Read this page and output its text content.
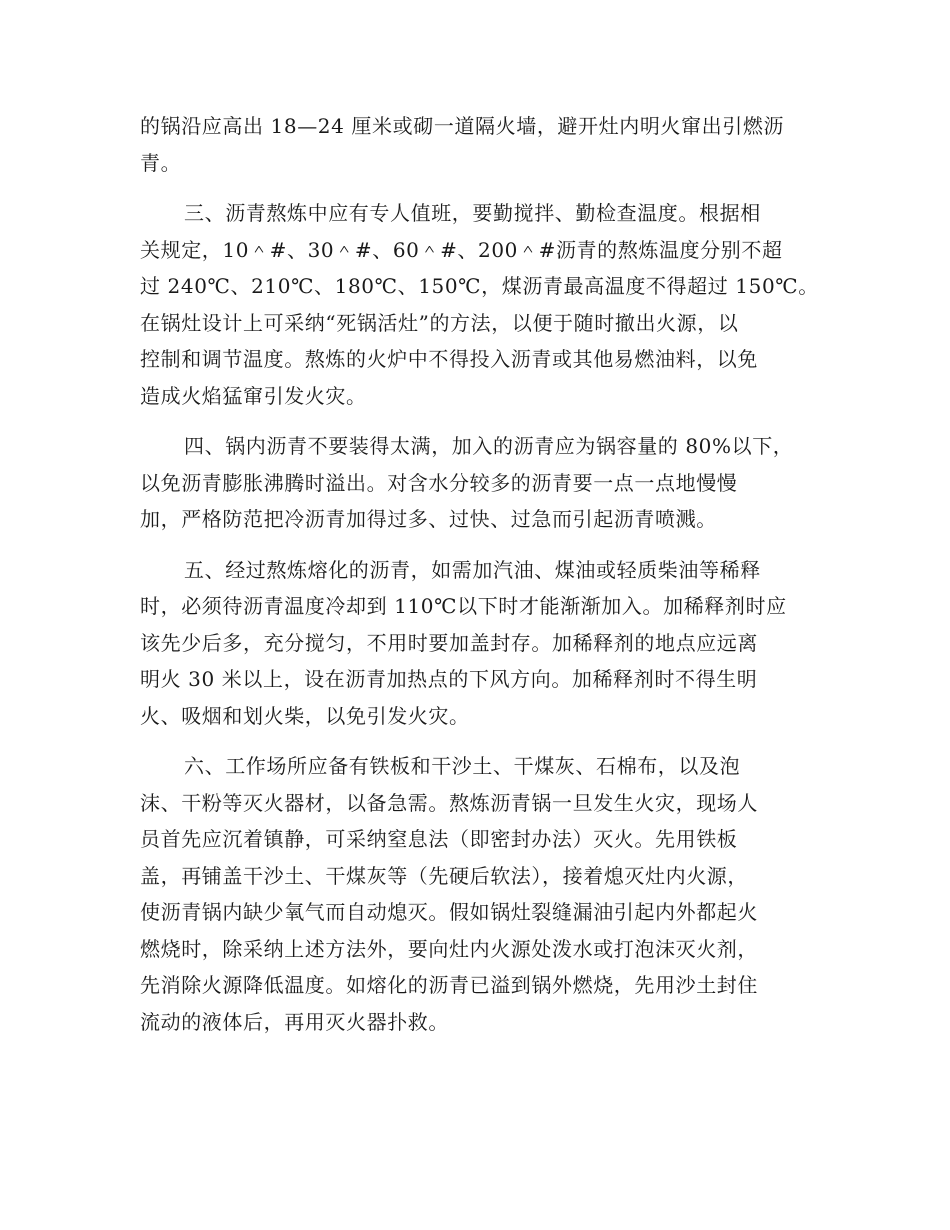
的锅沿应高出 18—24 厘米或砌一道隔火墙，避开灶内明火窜出引燃沥
青。

三、沥青熬炼中应有专人值班，要勤搅拌、勤检查温度。根据相
关规定，10＾#、30＾#、60＾#、200＾#沥青的熬炼温度分别不超
过 240℃、210℃、180℃、150℃，煤沥青最高温度不得超过 150℃。
在锅灶设计上可采纳“死锅活灶”的方法，以便于随时撤出火源，以
控制和调节温度。熬炼的火炉中不得投入沥青或其他易燃油料，以免
造成火焰猛窜引发火灾。

四、锅内沥青不要装得太满，加入的沥青应为锅容量的 80%以下，
以免沥青膨胀沸腾时溢出。对含水分较多的沥青要一点一点地慢慢
加，严格防范把冷沥青加得过多、过快、过急而引起沥青喷溅。

五、经过熬炼熔化的沥青，如需加汽油、煤油或轻质柴油等稀释
时，必须待沥青温度冷却到 110℃以下时才能渐渐加入。加稀释剂时应
该先少后多，充分搅匀，不用时要加盖封存。加稀释剂的地点应远离
明火 30 米以上，设在沥青加热点的下风方向。加稀释剂时不得生明
火、吸烟和划火柴，以免引发火灾。

六、工作场所应备有铁板和干沙土、干煤灰、石棉布，以及泡
沫、干粉等灭火器材，以备急需。熬炼沥青锅一旦发生火灾，现场人
员首先应沉着镇静，可采纳窒息法（即密封办法）灭火。先用铁板
盖，再铺盖干沙土、干煤灰等（先硬后软法），接着熄灭灶内火源，
使沥青锅内缺少氧气而自动熄灭。假如锅灶裂缝漏油引起内外都起火
燃烧时，除采纳上述方法外，要向灶内火源处泼水或打泡沫灭火剂，
先消除火源降低温度。如熔化的沥青已溢到锅外燃烧，先用沙土封住
流动的液体后，再用灭火器扑救。
